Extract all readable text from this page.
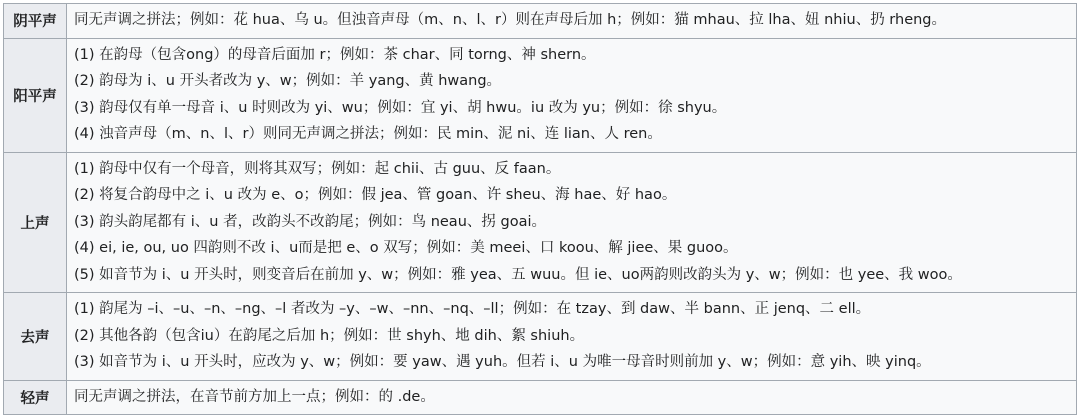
阴平声	同无声调之拼法；例如：花 hua、乌 u。但浊音声母（m、n、l、r）则在声母后加 h；例如：猫 mhau、拉 lha、妞 nhiu、扔 rheng。

阳平声	(1) 在韵母（包含ong）的母音后面加 r；例如：茶 char、同 torng、神 shern。
(2) 韵母为 i、u 开头者改为 y、w；例如：羊 yang、黄 hwang。
(3) 韵母仅有单一母音 i、u 时则改为 yi、wu；例如：宜 yi、胡 hwu。iu 改为 yu；例如：徐 shyu。
(4) 浊音声母（m、n、l、r）则同无声调之拼法；例如：民 min、泥 ni、连 lian、人 ren。

上声	(1) 韵母中仅有一个母音，则将其双写；例如：起 chii、古 guu、反 faan。
(2) 将复合韵母中之 i、u 改为 e、o；例如：假 jea、管 goan、许 sheu、海 hae、好 hao。
(3) 韵头韵尾都有 i、u 者，改韵头不改韵尾；例如：鸟 neau、拐 goai。
(4) ei, ie, ou, uo 四韵则不改 i、u而是把 e、o 双写；例如：美 meei、口 koou、解 jiee、果 guoo。
(5) 如音节为 i、u 开头时，则变音后在前加 y、w；例如：雅 yea、五 wuu。但 ie、uo两韵则改韵头为 y、w；例如：也 yee、我 woo。

去声	(1) 韵尾为 –i、–u、–n、–ng、–l 者改为 –y、–w、–nn、–nq、–ll；例如：在 tzay、到 daw、半 bann、正 jenq、二 ell。
(2) 其他各韵（包含iu）在韵尾之后加 h；例如：世 shyh、地 dih、絮 shiuh。
(3) 如音节为 i、u 开头时，应改为 y、w；例如：要 yaw、遇 yuh。但若 i、u 为唯一母音时则前加 y、w；例如：意 yih、映 yinq。

轻声	同无声调之拼法，在音节前方加上一点；例如：的 .de。
